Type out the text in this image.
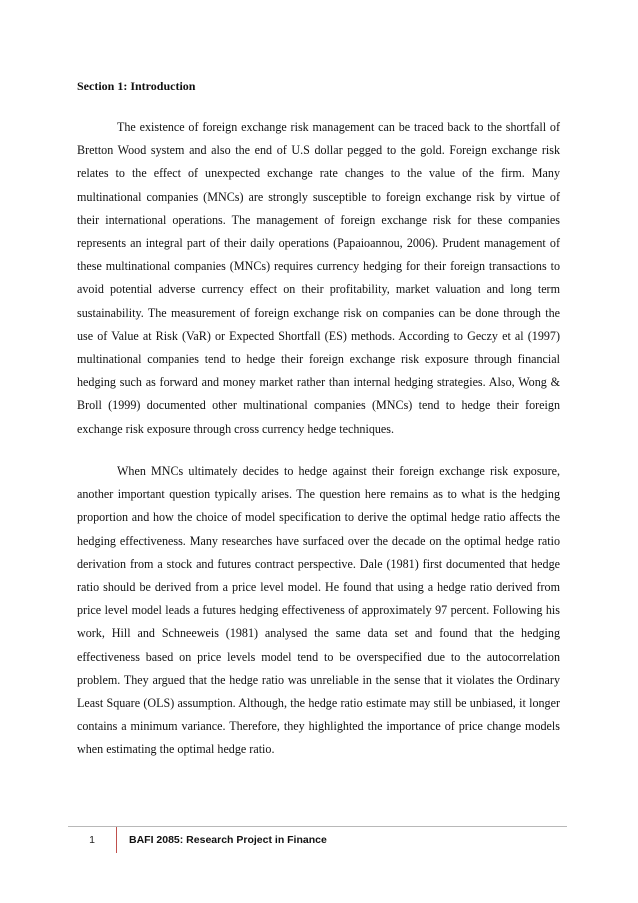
Section 1: Introduction

The existence of foreign exchange risk management can be traced back to the shortfall of Bretton Wood system and also the end of U.S dollar pegged to the gold. Foreign exchange risk relates to the effect of unexpected exchange rate changes to the value of the firm. Many multinational companies (MNCs) are strongly susceptible to foreign exchange risk by virtue of their international operations. The management of foreign exchange risk for these companies represents an integral part of their daily operations (Papaioannou, 2006). Prudent management of these multinational companies (MNCs) requires currency hedging for their foreign transactions to avoid potential adverse currency effect on their profitability, market valuation and long term sustainability. The measurement of foreign exchange risk on companies can be done through the use of Value at Risk (VaR) or Expected Shortfall (ES) methods. According to Geczy et al (1997) multinational companies tend to hedge their foreign exchange risk exposure through financial hedging such as forward and money market rather than internal hedging strategies. Also, Wong & Broll (1999) documented other multinational companies (MNCs) tend to hedge their foreign exchange risk exposure through cross currency hedge techniques.

When MNCs ultimately decides to hedge against their foreign exchange risk exposure, another important question typically arises. The question here remains as to what is the hedging proportion and how the choice of model specification to derive the optimal hedge ratio affects the hedging effectiveness. Many researches have surfaced over the decade on the optimal hedge ratio derivation from a stock and futures contract perspective. Dale (1981) first documented that hedge ratio should be derived from a price level model. He found that using a hedge ratio derived from price level model leads a futures hedging effectiveness of approximately 97 percent. Following his work, Hill and Schneeweis (1981) analysed the same data set and found that the hedging effectiveness based on price levels model tend to be overspecified due to the autocorrelation problem. They argued that the hedge ratio was unreliable in the sense that it violates the Ordinary Least Square (OLS) assumption. Although, the hedge ratio estimate may still be unbiased, it longer contains a minimum variance. Therefore, they highlighted the importance of price change models when estimating the optimal hedge ratio.

1	BAFI 2085: Research Project in Finance
